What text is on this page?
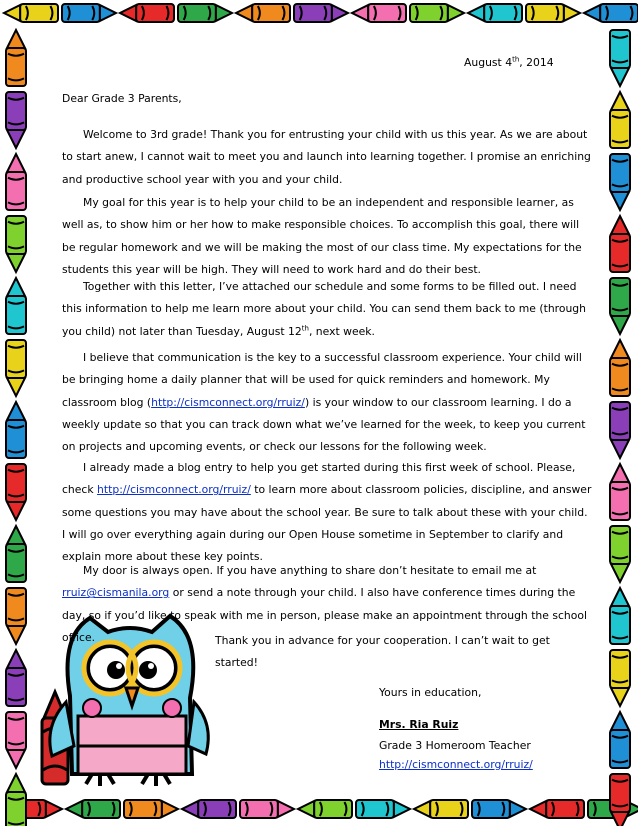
August 4th, 2014

Dear Grade 3 Parents,

Welcome to 3rd grade! Thank you for entrusting your child with us this year. As we are about to start anew, I cannot wait to meet you and launch into learning together. I promise an enriching and productive school year with you and your child.

My goal for this year is to help your child to be an independent and responsible learner, as well as, to show him or her how to make responsible choices. To accomplish this goal, there will be regular homework and we will be making the most of our class time. My expectations for the students this year will be high. They will need to work hard and do their best.

Together with this letter, I’ve attached our schedule and some forms to be filled out. I need this information to help me learn more about your child. You can send them back to me (through you child) not later than Tuesday, August 12th, next week.

I believe that communication is the key to a successful classroom experience. Your child will be bringing home a daily planner that will be used for quick reminders and homework. My classroom blog (http://cismconnect.org/rruiz/) is your window to our classroom learning. I do a weekly update so that you can track down what we’ve learned for the week, to keep you current on projects and upcoming events, or check our lessons for the following week.

I already made a blog entry to help you get started during this first week of school. Please, check http://cismconnect.org/rruiz/ to learn more about classroom policies, discipline, and answer some questions you may have about the school year. Be sure to talk about these with your child. I will go over everything again during our Open House sometime in September to clarify and explain more about these key points.

My door is always open. If you have anything to share don’t hesitate to email me at rruiz@cismanila.org or send a note through your child. I also have conference times during the day, so if you’d like to speak with me in person, please make an appointment through the school office.	Thank you in advance for your cooperation. I can’t wait to get started!

Yours in education,

Mrs. Ria Ruiz

Grade 3 Homeroom Teacher

http://cismconnect.org/rruiz/
